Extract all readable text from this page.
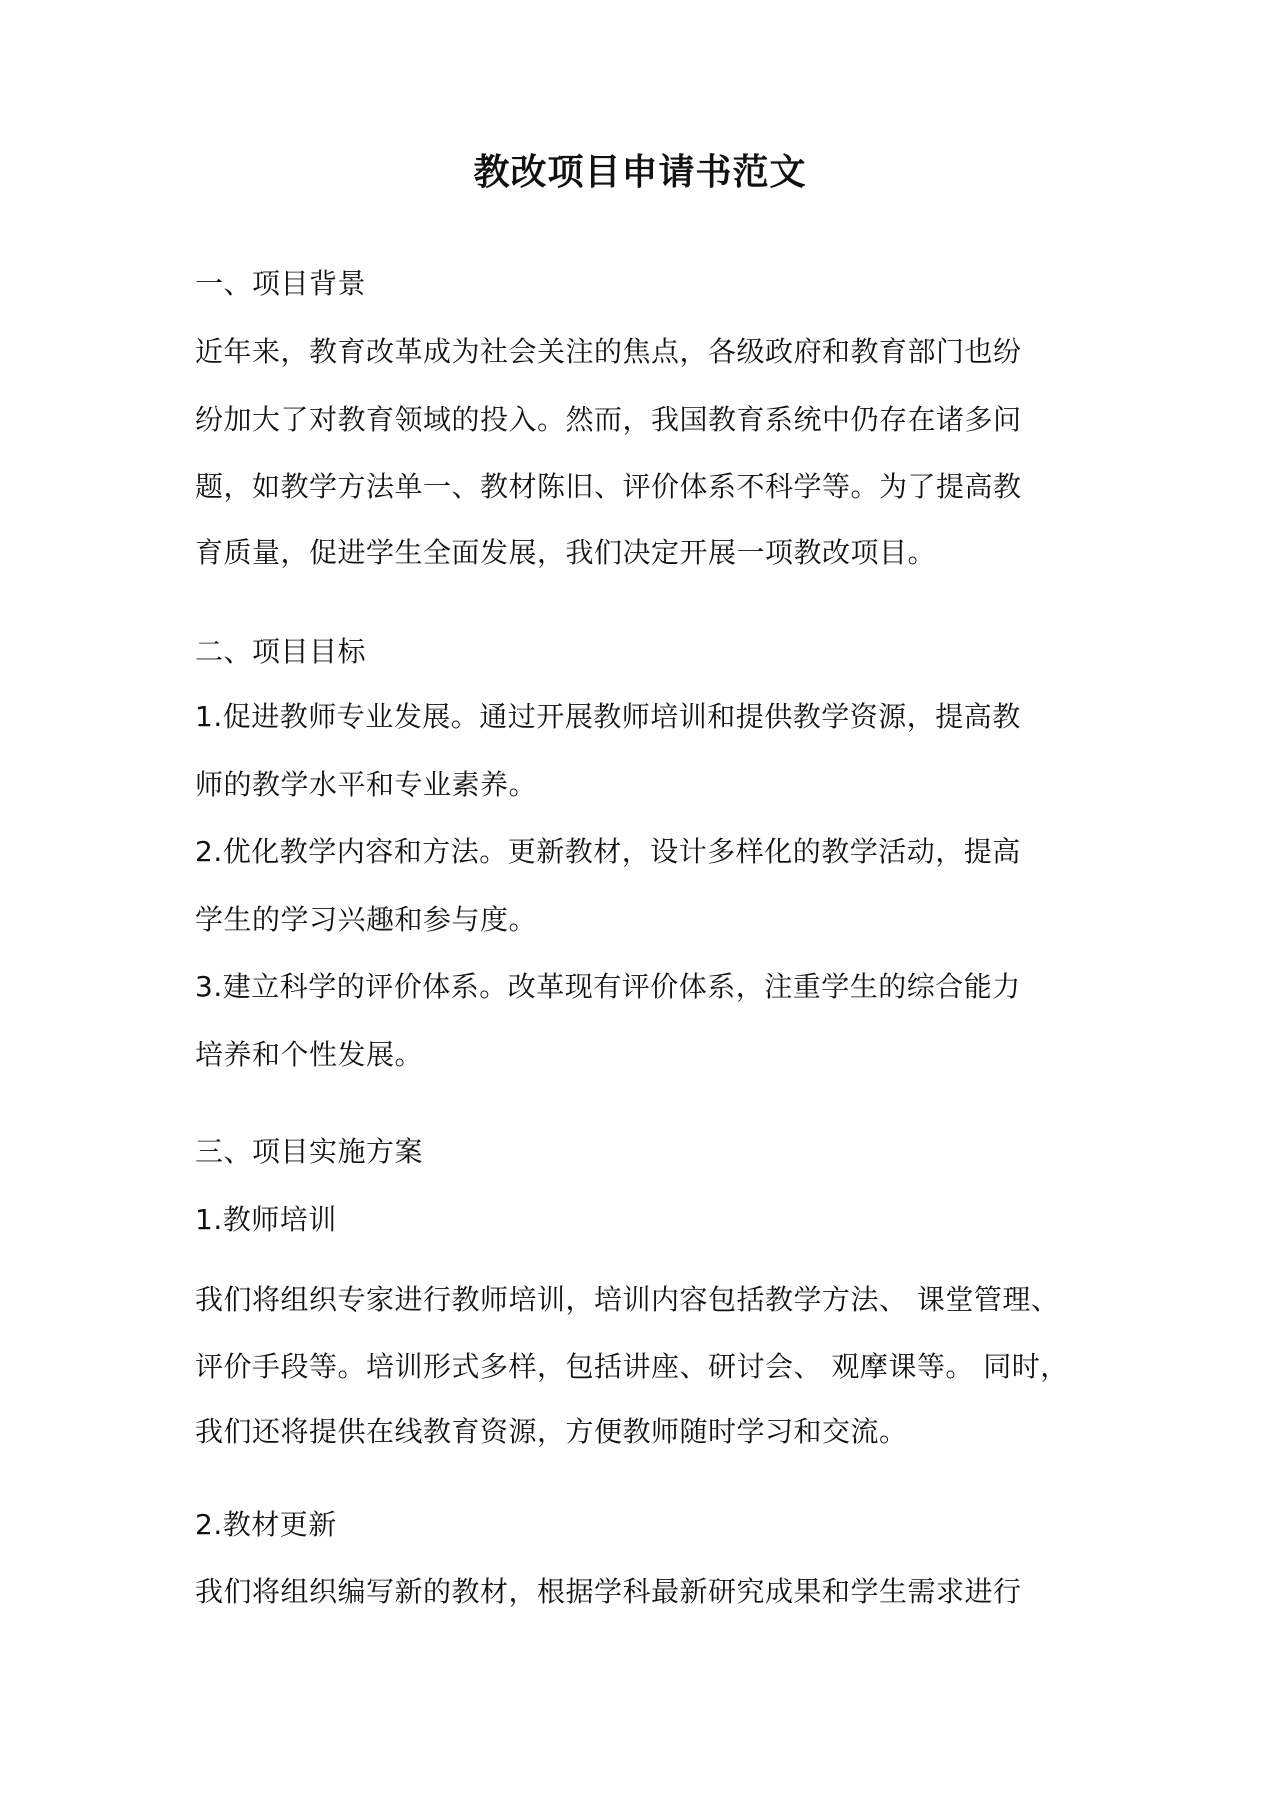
教改项目申请书范文
一、项目背景
近年来，教育改革成为社会关注的焦点，各级政府和教育部门也纷
纷加大了对教育领域的投入。然而，我国教育系统中仍存在诸多问
题，如教学方法单一、教材陈旧、评价体系不科学等。为了提高教
育质量，促进学生全面发展，我们决定开展一项教改项目。
二、项目目标
1.促进教师专业发展。通过开展教师培训和提供教学资源，提高教
师的教学水平和专业素养。
2.优化教学内容和方法。更新教材，设计多样化的教学活动，提高
学生的学习兴趣和参与度。
3.建立科学的评价体系。改革现有评价体系，注重学生的综合能力
培养和个性发展。
三、项目实施方案
1.教师培训
我们将组织专家进行教师培训，培训内容包括教学方法、 课堂管理、
评价手段等。培训形式多样，包括讲座、研讨会、 观摩课等。 同时，
我们还将提供在线教育资源，方便教师随时学习和交流。
2.教材更新
我们将组织编写新的教材，根据学科最新研究成果和学生需求进行
